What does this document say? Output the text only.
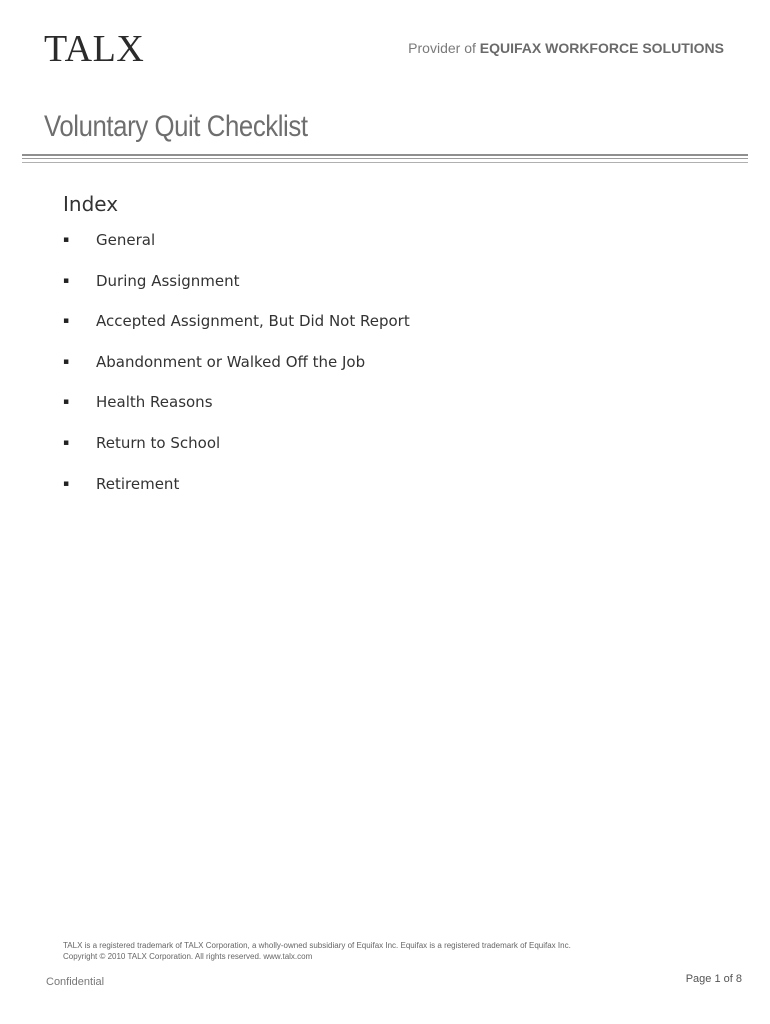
TALX	Provider of EQUIFAX WORKFORCE SOLUTIONS
Voluntary Quit Checklist
Index
▪	General
▪	During Assignment
▪	Accepted Assignment, But Did Not Report
▪	Abandonment or Walked Off the Job
▪	Health Reasons
▪	Return to School
▪	Retirement
TALX is a registered trademark of TALX Corporation, a wholly-owned subsidiary of Equifax Inc. Equifax is a registered trademark of Equifax Inc.
Copyright © 2010 TALX Corporation. All rights reserved. www.talx.com
Confidential	Page 1 of 8
